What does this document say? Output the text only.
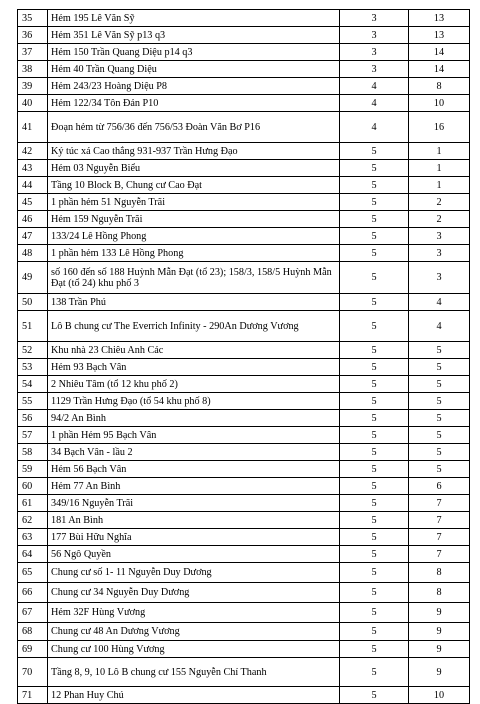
35	Hẻm 195 Lê Văn Sỹ	3	13
36	Hẻm 351 Lê Văn Sỹ p13 q3	3	13
37	Hẻm 150 Trần Quang Diệu p14 q3	3	14
38	Hẻm 40 Trần Quang Diệu	3	14
39	Hẻm 243/23 Hoàng Diệu P8	4	8
40	Hẻm 122/34 Tôn Đản P10	4	10
41	Đoạn hẻm từ 756/36 đến 756/53 Đoàn Văn Bơ P16	4	16
42	Ký túc xá Cao thắng 931-937 Trần Hưng Đạo	5	1
43	Hẻm 03 Nguyễn Biểu	5	1
44	Tầng 10 Block B, Chung cư Cao Đạt	5	1
45	1 phần hẻm 51 Nguyễn Trãi	5	2
46	Hẻm 159 Nguyễn Trãi	5	2
47	133/24 Lê Hồng Phong	5	3
48	1 phần hẻm 133 Lê Hồng Phong	5	3
49	số 160 đến số 188 Huỳnh Mẫn Đạt (tổ 23); 158/3, 158/5 Huỳnh Mẫn Đạt (tổ 24) khu phố 3	5	3
50	138 Trần Phú	5	4
51	Lô B chung cư The Everrich Infinity - 290An Dương Vương	5	4
52	Khu nhà 23 Chiêu Anh Các	5	5
53	Hẻm 93 Bạch Vân	5	5
54	2 Nhiêu Tâm (tổ 12 khu phố 2)	5	5
55	1129 Trần Hưng Đạo (tổ 54 khu phố 8)	5	5
56	94/2 An Bình	5	5
57	1 phần Hẻm 95 Bạch Vân	5	5
58	34 Bạch Vân - lầu 2	5	5
59	Hẻm 56 Bạch Vân	5	5
60	Hẻm 77 An Bình	5	6
61	349/16 Nguyễn Trãi	5	7
62	181 An Bình	5	7
63	177 Bùi Hữu Nghĩa	5	7
64	56 Ngô Quyền	5	7
65	Chung cư số 1- 11 Nguyễn Duy Dương	5	8
66	Chung cư 34 Nguyễn Duy Dương	5	8
67	Hẻm 32F Hùng Vương	5	9
68	Chung cư 48 An Dương Vương	5	9
69	Chung cư 100 Hùng Vương	5	9
70	Tầng 8, 9, 10 Lô B chung cư 155 Nguyễn Chí Thanh	5	9
71	12 Phan Huy Chú	5	10
